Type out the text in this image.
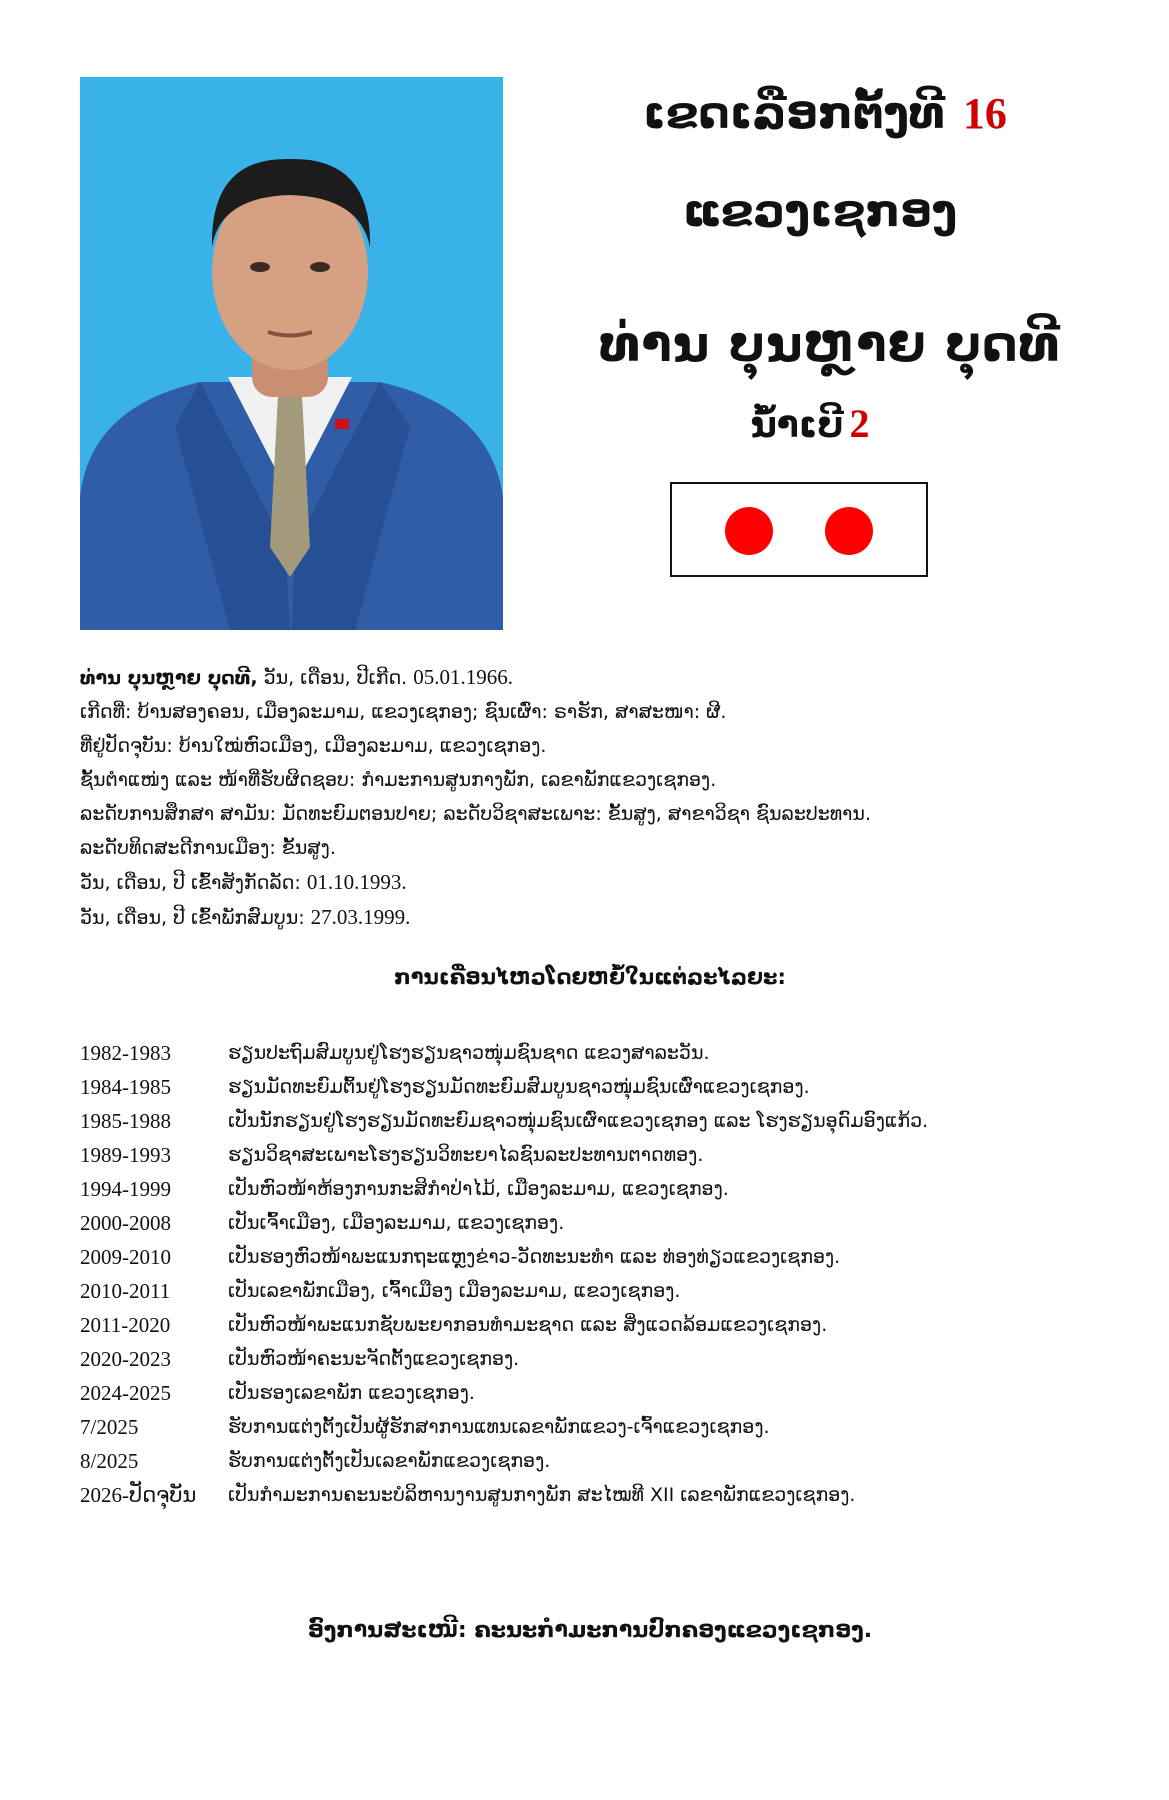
ເຂດເລືອກຕັ້ງທີ 16
ແຂວງເຊກອງ
ທ່ານ ບຸນຫຼາຍ ບຸດທີ
ນໍ້າເບີ 2
ທ່ານ ບຸນຫຼາຍ ບຸດທີ, ວັນ, ເດືອນ, ປີເກີດ. 05.01.1966.
ເກີດທີ່: ບ້ານສອງຄອນ, ເມືອງລະມາມ, ແຂວງເຊກອງ; ຊົນເຜົ່າ: ຣາຮັກ, ສາສະໜາ: ຜີ.
ທີ່ຢູ່ປັດຈຸບັນ: ບ້ານໃໝ່ຫົວເມືອງ, ເມືອງລະມາມ, ແຂວງເຊກອງ.
ຊັ້ນຕໍາແໜ່ງ ແລະ ໜ້າທີ່ຮັບຜິດຊອບ: ກໍາມະການສູນກາງພັກ, ເລຂາພັກແຂວງເຊກອງ.
ລະດັບການສຶກສາ ສາມັນ: ມັດທະຍົມຕອນປາຍ; ລະດັບວິຊາສະເພາະ: ຂັ້ນສູງ, ສາຂາວິຊາ ຊົນລະປະທານ.
ລະດັບທິດສະດີການເມືອງ: ຂັ້ນສູງ.
ວັນ, ເດືອນ, ປີ ເຂົ້າສັງກັດລັດ: 01.10.1993.
ວັນ, ເດືອນ, ປີ ເຂົ້າພັກສົມບູນ: 27.03.1999.
ການເຄື່ອນໄຫວໂດຍຫຍໍ້ໃນແຕ່ລະໄລຍະ:
1982-1983	ຮຽນປະຖົມສົມບູນຢູ່ໂຮງຮຽນຊາວໜຸ່ມຊົນຊາດ ແຂວງສາລະວັນ.
1984-1985	ຮຽນມັດທະຍົມຕົ້ນຢູ່ໂຮງຮຽນມັດທະຍົມສົມບູນຊາວໜຸ່ມຊົນເຜົ່າແຂວງເຊກອງ.
1985-1988	ເປັນນັກຮຽນຢູ່ໂຮງຮຽນມັດທະຍົມຊາວໜຸ່ມຊົນເຜົ່າແຂວງເຊກອງ ແລະ ໂຮງຮຽນອຸດົມອົງແກ້ວ.
1989-1993	ຮຽນວິຊາສະເພາະໂຮງຮຽນວິທະຍາໄລຊົນລະປະທານຕາດທອງ.
1994-1999	ເປັນຫົວໜ້າຫ້ອງການກະສິກໍາປ່າໄມ້, ເມືອງລະມາມ, ແຂວງເຊກອງ.
2000-2008	ເປັນເຈົ້າເມືອງ, ເມືອງລະມາມ, ແຂວງເຊກອງ.
2009-2010	ເປັນຮອງຫົວໜ້າພະແນກຖະແຫຼງຂ່າວ-ວັດທະນະທໍາ ແລະ ທ່ອງທ່ຽວແຂວງເຊກອງ.
2010-2011	ເປັນເລຂາພັກເມືອງ, ເຈົ້າເມືອງ ເມືອງລະມາມ, ແຂວງເຊກອງ.
2011-2020	ເປັນຫົວໜ້າພະແນກຊັບພະຍາກອນທໍາມະຊາດ ແລະ ສິ່ງແວດລ້ອມແຂວງເຊກອງ.
2020-2023	ເປັນຫົວໜ້າຄະນະຈັດຕັ້ງແຂວງເຊກອງ.
2024-2025	ເປັນຮອງເລຂາພັກ ແຂວງເຊກອງ.
7/2025	ຮັບການແຕ່ງຕັ້ງເປັນຜູ້ຮັກສາການແທນເລຂາພັກແຂວງ-ເຈົ້າແຂວງເຊກອງ.
8/2025	ຮັບການແຕ່ງຕັ້ງເປັນເລຂາພັກແຂວງເຊກອງ.
2026-ປັດຈຸບັນ	ເປັນກໍາມະການຄະນະບໍລິຫານງານສູນກາງພັກ ສະໄໝທີ XII ເລຂາພັກແຂວງເຊກອງ.
ອົງການສະເໜີ: ຄະນະກໍາມະການປົກຄອງແຂວງເຊກອງ.
